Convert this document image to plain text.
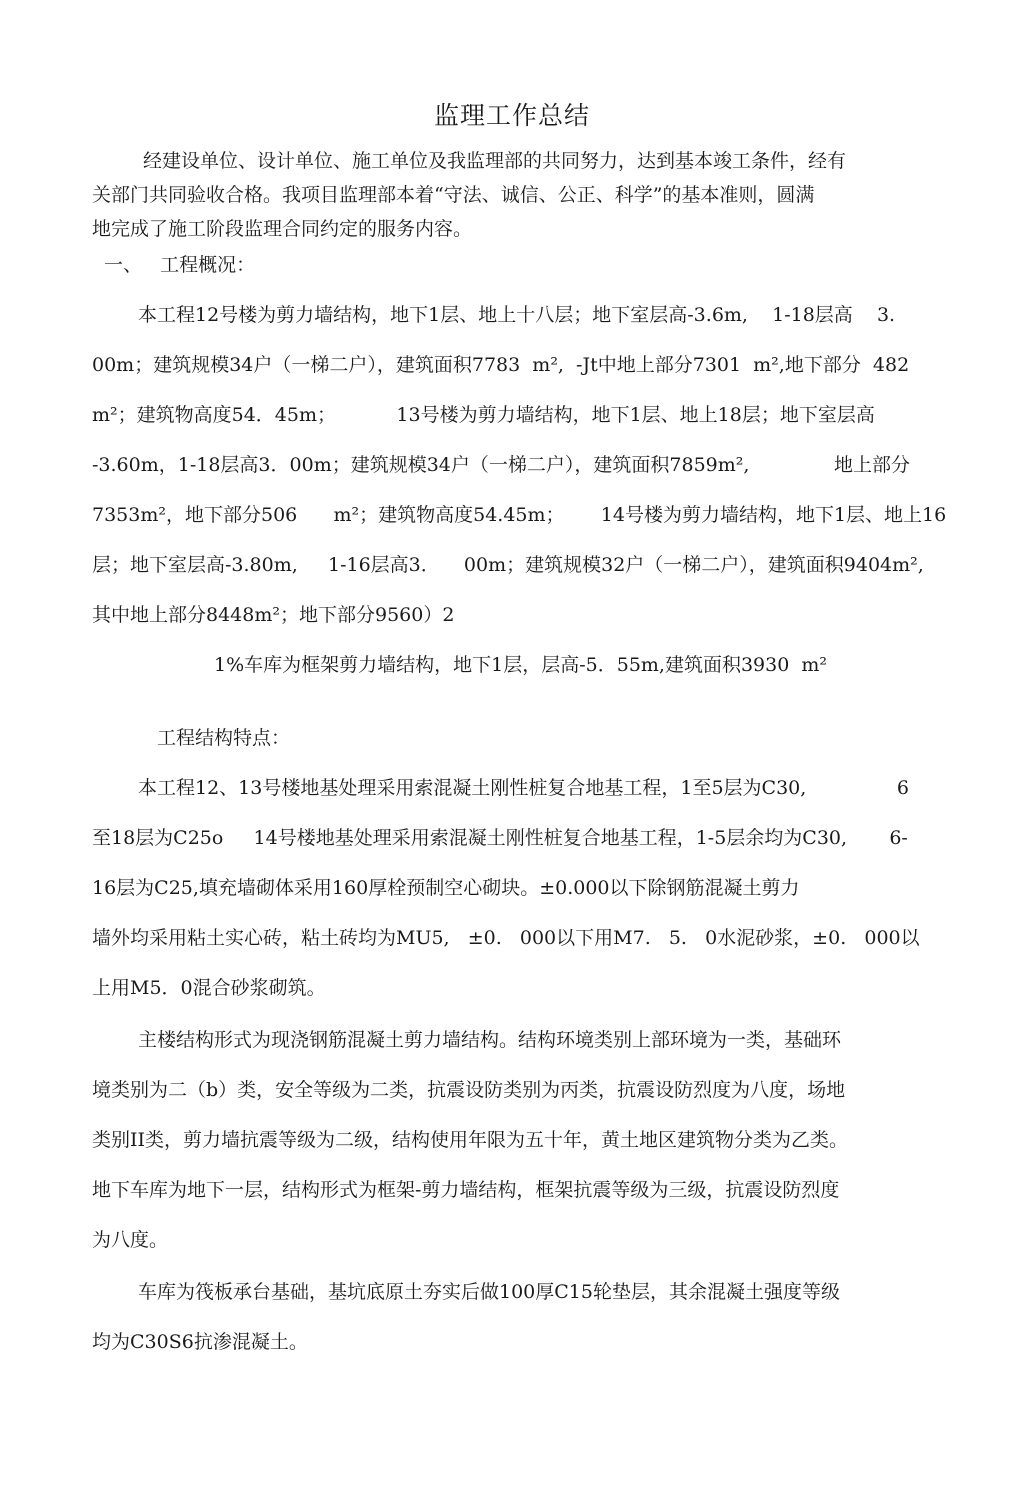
监理工作总结
经建设单位、设计单位、施工单位及我监理部的共同努力，达到基本竣工条件，经有
关部门共同验收合格。我项目监理部本着“守法、诚信、公正、科学”的基本准则，圆满
地完成了施工阶段监理合同约定的服务内容。
一、   工程概况：
本工程12号楼为剪力墙结构，地下1层、地上十八层；地下室层高-3.6m,    1-18层高    3.
00m；建筑规模34户（一梯二户），建筑面积7783  m²,  -Jt中地上部分7301  m²,地下部分  482
m²；建筑物高度54．45m；          13号楼为剪力墙结构，地下1层、地上18层；地下室层高
-3.60m，1-18层高3．00m；建筑规模34户（一梯二户），建筑面积7859m²,              地上部分
7353m²，地下部分506      m²；建筑物高度54.45m；      14号楼为剪力墙结构，地下1层、地上16
层；地下室层高-3.80m,     1-16层高3．    00m；建筑规模32户（一梯二户），建筑面积9404m²,
其中地上部分8448m²；地下部分9560）2
1%车库为框架剪力墙结构，地下1层，层高-5．55m,建筑面积3930  m²
工程结构特点：
本工程12、13号楼地基处理采用索混凝土刚性桩复合地基工程，1至5层为C30,               6
至18层为C25o     14号楼地基处理采用索混凝土刚性桩复合地基工程，1-5层余均为C30,       6-
16层为C25,填充墙砌体采用160厚栓预制空心砌块。±0.000以下除钢筋混凝土剪力
墙外均采用粘土实心砖，粘土砖均为MU5,   ±0.   000以下用M7.   5.   0水泥砂浆，±0.   000以
上用M5．0混合砂浆砌筑。
主楼结构形式为现浇钢筋混凝土剪力墙结构。结构环境类别上部环境为一类，基础环
境类别为二（b）类，安全等级为二类，抗震设防类别为丙类，抗震设防烈度为八度，场地
类别II类，剪力墙抗震等级为二级，结构使用年限为五十年，黄土地区建筑物分类为乙类。
地下车库为地下一层，结构形式为框架-剪力墙结构，框架抗震等级为三级，抗震设防烈度
为八度。
车库为筏板承台基础，基坑底原土夯实后做100厚C15轮垫层，其余混凝土强度等级
均为C30S6抗渗混凝土。
